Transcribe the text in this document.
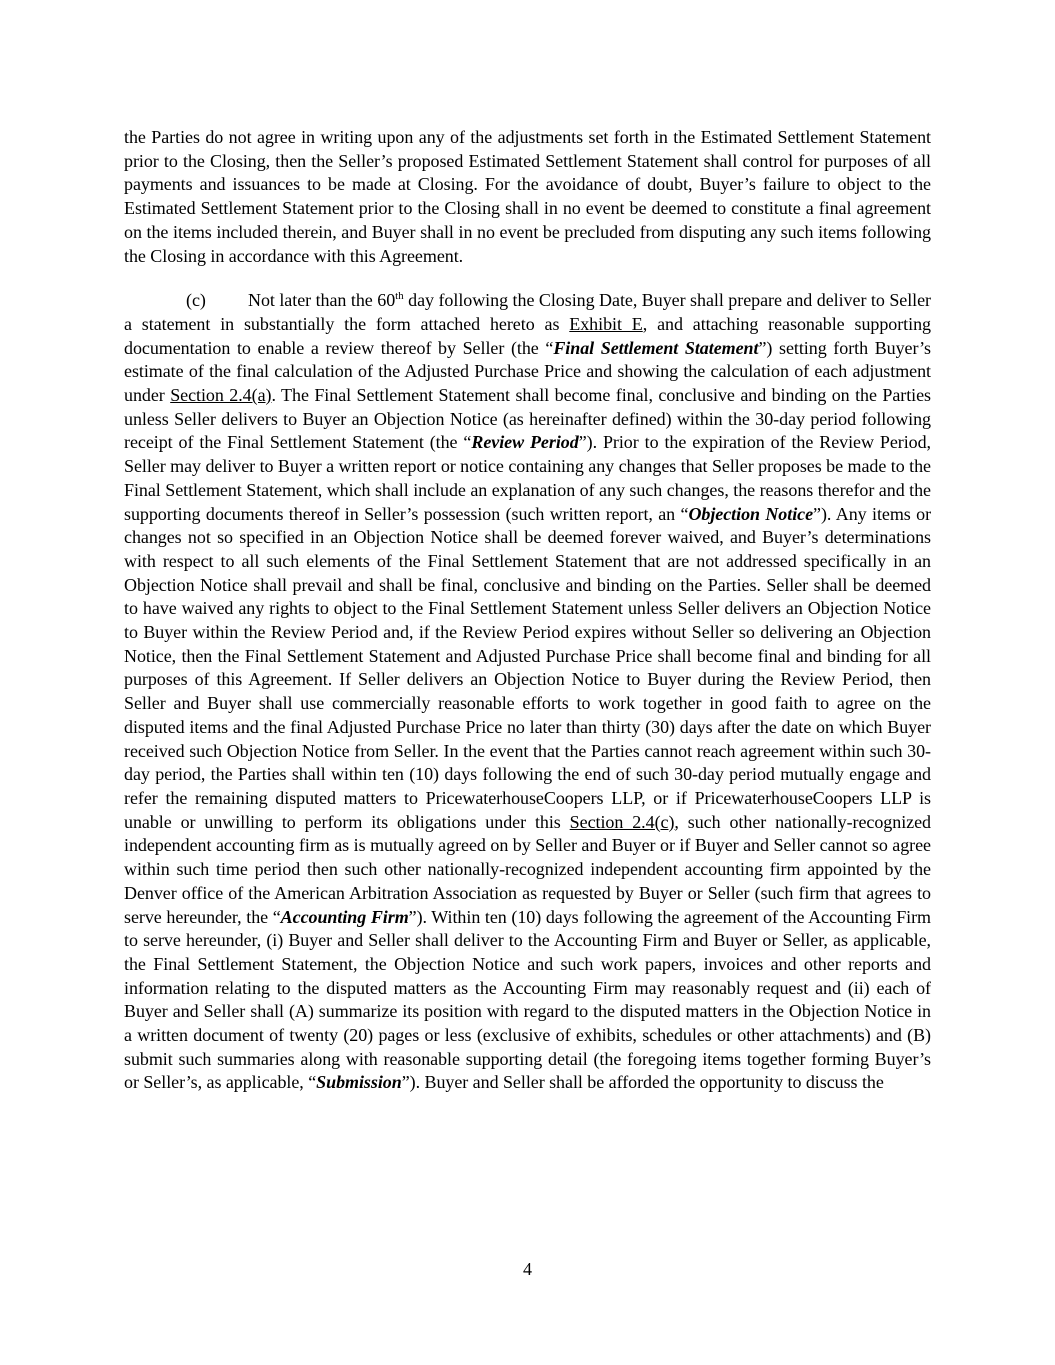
the Parties do not agree in writing upon any of the adjustments set forth in the Estimated Settlement Statement prior to the Closing, then the Seller’s proposed Estimated Settlement Statement shall control for purposes of all payments and issuances to be made at Closing. For the avoidance of doubt, Buyer’s failure to object to the Estimated Settlement Statement prior to the Closing shall in no event be deemed to constitute a final agreement on the items included therein, and Buyer shall in no event be precluded from disputing any such items following the Closing in accordance with this Agreement.

(c) Not later than the 60th day following the Closing Date, Buyer shall prepare and deliver to Seller a statement in substantially the form attached hereto as Exhibit E, and attaching reasonable supporting documentation to enable a review thereof by Seller (the “Final Settlement Statement”) setting forth Buyer’s estimate of the final calculation of the Adjusted Purchase Price and showing the calculation of each adjustment under Section 2.4(a). The Final Settlement Statement shall become final, conclusive and binding on the Parties unless Seller delivers to Buyer an Objection Notice (as hereinafter defined) within the 30-day period following receipt of the Final Settlement Statement (the “Review Period”). Prior to the expiration of the Review Period, Seller may deliver to Buyer a written report or notice containing any changes that Seller proposes be made to the Final Settlement Statement, which shall include an explanation of any such changes, the reasons therefor and the supporting documents thereof in Seller’s possession (such written report, an “Objection Notice”). Any items or changes not so specified in an Objection Notice shall be deemed forever waived, and Buyer’s determinations with respect to all such elements of the Final Settlement Statement that are not addressed specifically in an Objection Notice shall prevail and shall be final, conclusive and binding on the Parties. Seller shall be deemed to have waived any rights to object to the Final Settlement Statement unless Seller delivers an Objection Notice to Buyer within the Review Period and, if the Review Period expires without Seller so delivering an Objection Notice, then the Final Settlement Statement and Adjusted Purchase Price shall become final and binding for all purposes of this Agreement. If Seller delivers an Objection Notice to Buyer during the Review Period, then Seller and Buyer shall use commercially reasonable efforts to work together in good faith to agree on the disputed items and the final Adjusted Purchase Price no later than thirty (30) days after the date on which Buyer received such Objection Notice from Seller. In the event that the Parties cannot reach agreement within such 30-day period, the Parties shall within ten (10) days following the end of such 30-day period mutually engage and refer the remaining disputed matters to PricewaterhouseCoopers LLP, or if PricewaterhouseCoopers LLP is unable or unwilling to perform its obligations under this Section 2.4(c), such other nationally-recognized independent accounting firm as is mutually agreed on by Seller and Buyer or if Buyer and Seller cannot so agree within such time period then such other nationally-recognized independent accounting firm appointed by the Denver office of the American Arbitration Association as requested by Buyer or Seller (such firm that agrees to serve hereunder, the “Accounting Firm”). Within ten (10) days following the agreement of the Accounting Firm to serve hereunder, (i) Buyer and Seller shall deliver to the Accounting Firm and Buyer or Seller, as applicable, the Final Settlement Statement, the Objection Notice and such work papers, invoices and other reports and information relating to the disputed matters as the Accounting Firm may reasonably request and (ii) each of Buyer and Seller shall (A) summarize its position with regard to the disputed matters in the Objection Notice in a written document of twenty (20) pages or less (exclusive of exhibits, schedules or other attachments) and (B) submit such summaries along with reasonable supporting detail (the foregoing items together forming Buyer’s or Seller’s, as applicable, “Submission”). Buyer and Seller shall be afforded the opportunity to discuss the

4
